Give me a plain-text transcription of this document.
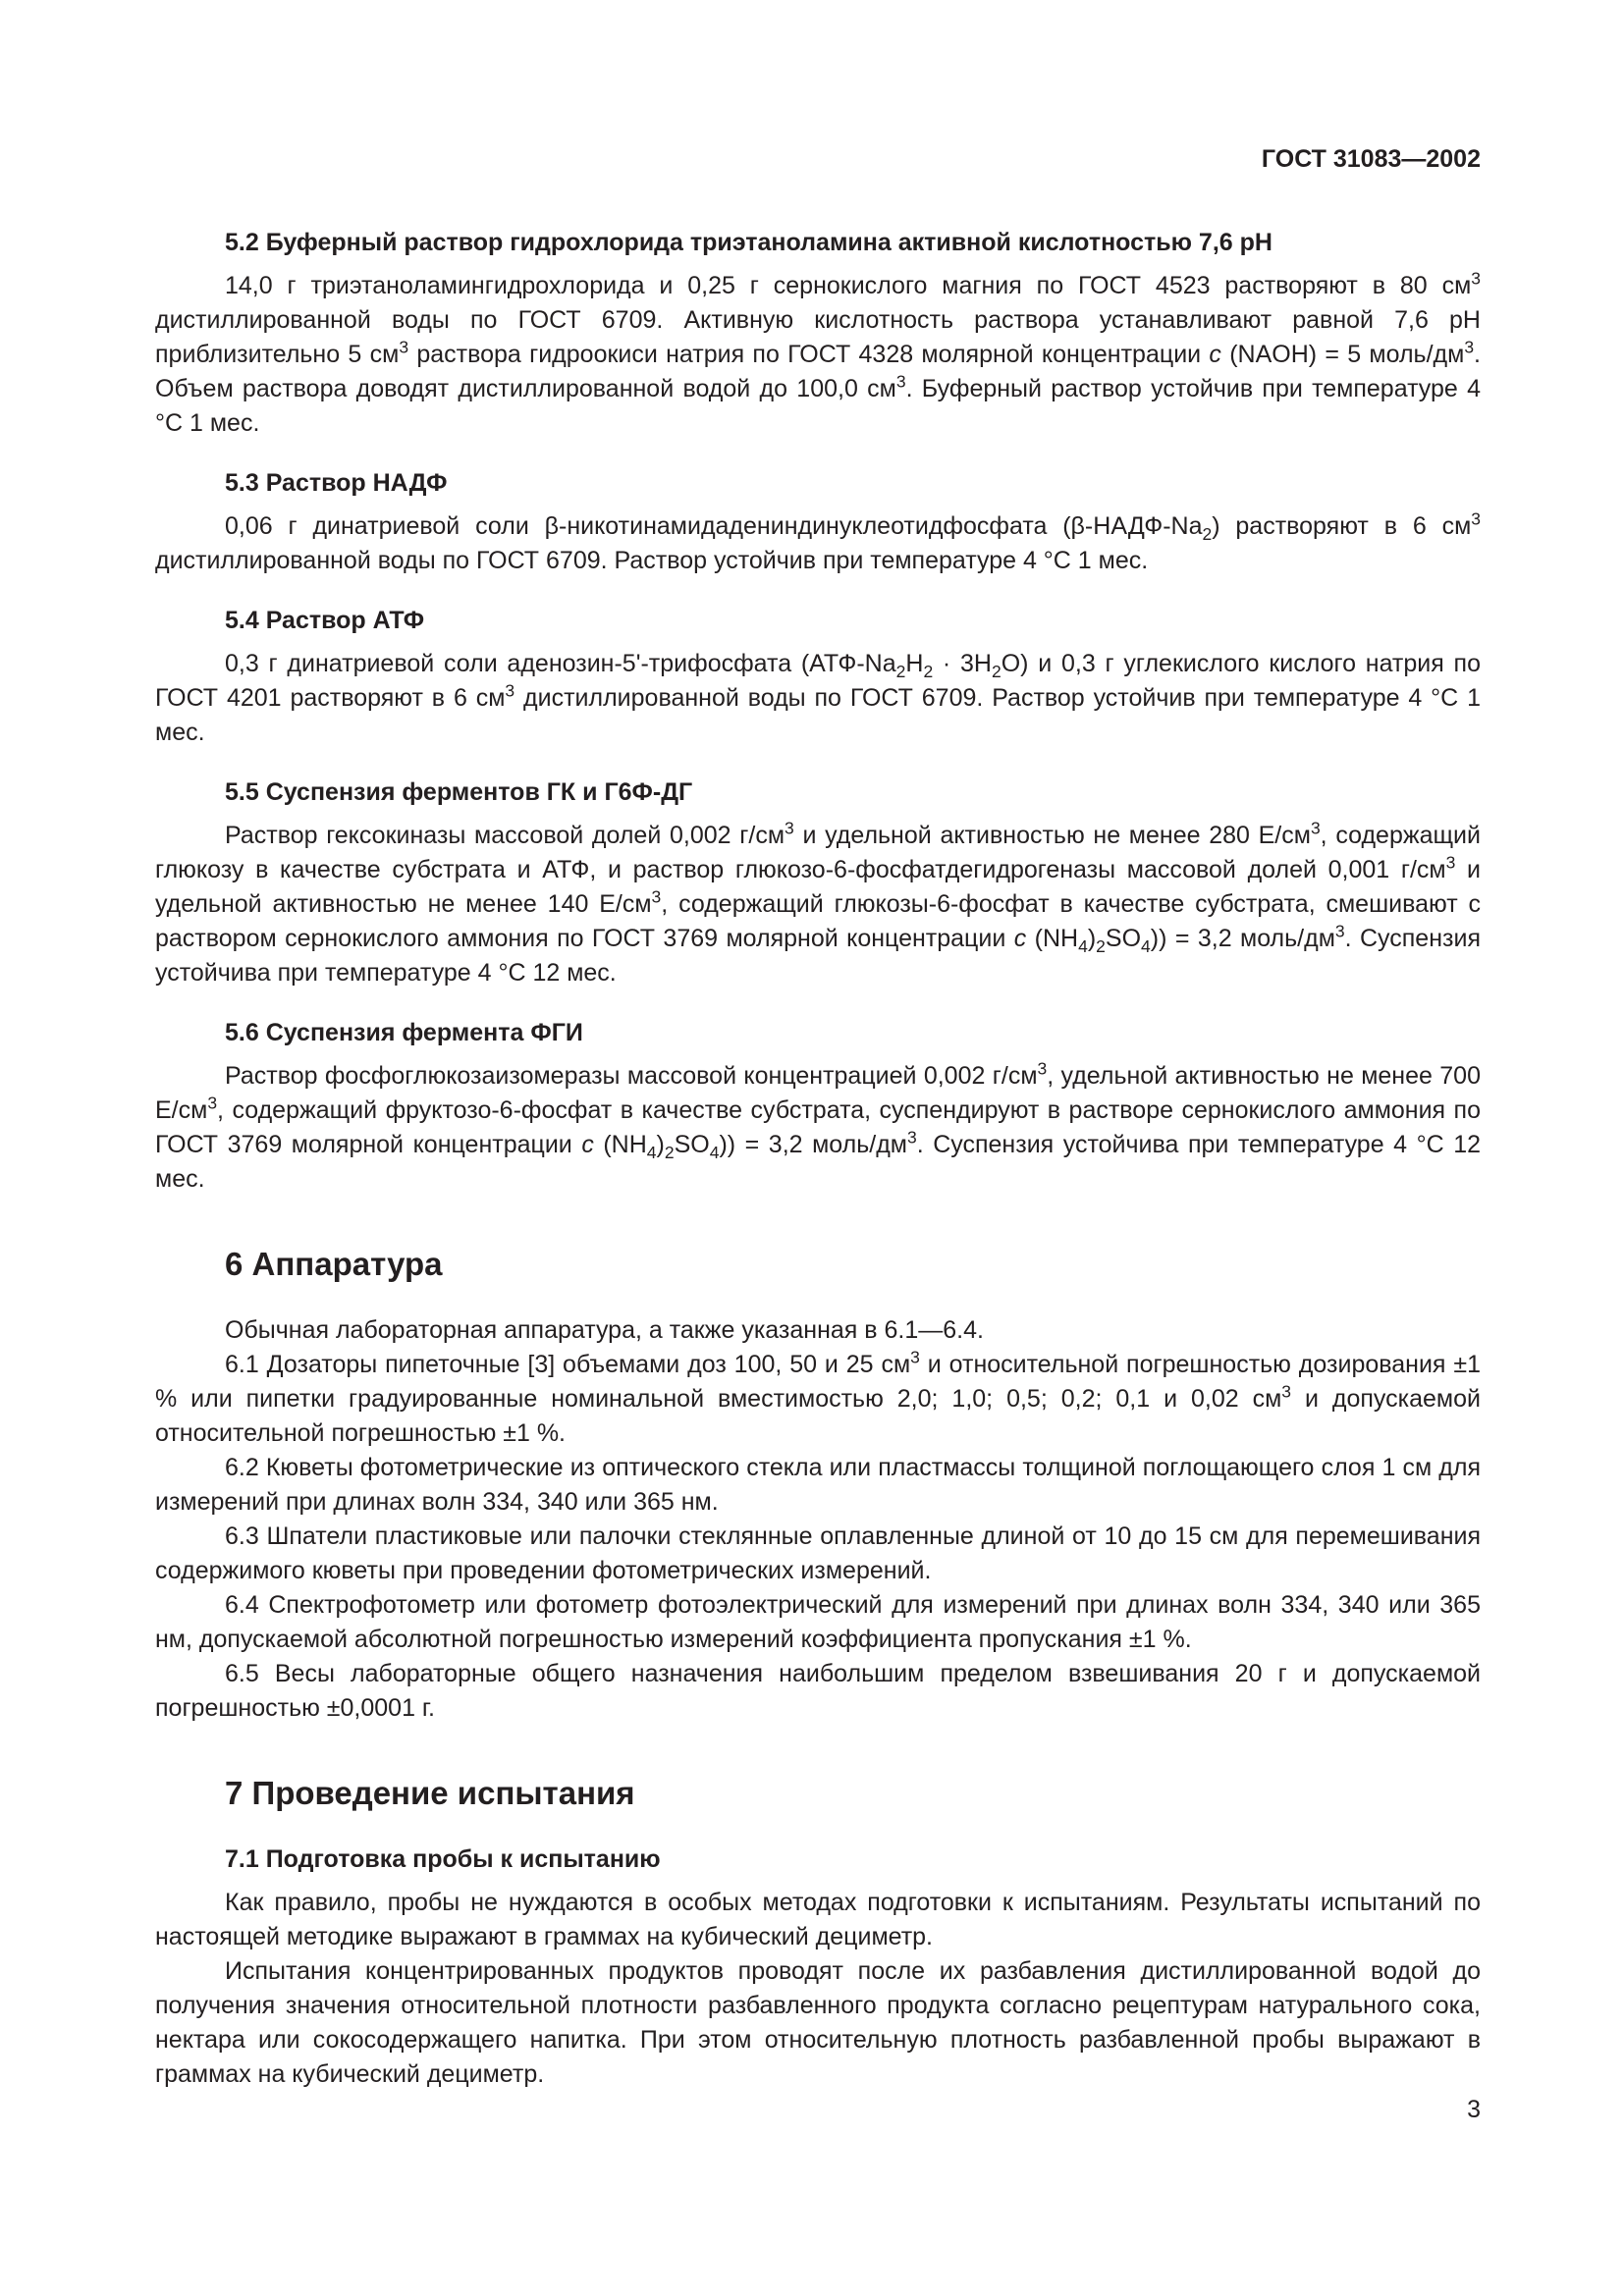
ГОСТ 31083—2002

5.2 Буферный раствор гидрохлорида триэтаноламина активной кислотностью 7,6 pH

14,0 г триэтаноламингидрохлорида и 0,25 г сернокислого магния по ГОСТ 4523 растворяют в 80 $см^3$ дистиллированной воды по ГОСТ 6709. Активную кислотность раствора устанавливают равной 7,6 pH приблизительно 5 $см^3$ раствора гидроокиси натрия по ГОСТ 4328 молярной концентрации c (NAOH) = 5 моль/$дм^3$. Объем раствора доводят дистиллированной водой до 100,0 $см^3$. Буферный раствор устойчив при температуре 4 °С 1 мес.

5.3 Раствор НАДФ

0,06 г динатриевой соли β-никотинамидадениндинуклеотидфосфата $(\beta-НАДФ-Na_2)$ растворяют в 6 $см^3$ дистиллированной воды по ГОСТ 6709. Раствор устойчив при температуре 4 °С 1 мес.

5.4 Раствор АТФ

0,3 г динатриевой соли аденозин-5'-трифосфата $(АТФ-Na_2H_2 \cdot 3H_2O)$ и 0,3 г углекислого кислого натрия по ГОСТ 4201 растворяют в 6 $см^3$ дистиллированной воды по ГОСТ 6709. Раствор устойчив при температуре 4 °С 1 мес.

5.5 Суспензия ферментов ГК и Г6Ф-ДГ

Раствор гексокиназы массовой долей 0,002 $г/см^3$ и удельной активностью не менее 280 $Е/см^3$, содержащий глюкозу в качестве субстрата и АТФ, и раствор глюкозо-6-фосфатдегидрогеназы массовой долей 0,001 $г/см^3$ и удельной активностью не менее 140 $Е/см^3$, содержащий глюкозы-6-фосфат в качестве субстрата, смешивают с раствором сернокислого аммония по ГОСТ 3769 молярной концентрации c $(NH_4)_2SO_4)) = 3,2$ моль/$дм^3$. Суспензия устойчива при температуре 4 °С 12 мес.

5.6 Суспензия фермента ФГИ

Раствор фосфоглюкозаизомеразы массовой концентрацией 0,002 $г/см^3$, удельной активностью не менее 700 $Е/см^3$, содержащий фруктозо-6-фосфат в качестве субстрата, суспендируют в растворе сернокислого аммония по ГОСТ 3769 молярной концентрации c $(NH_4)_2SO_4)) = 3,2$ моль/$дм^3$. Суспензия устойчива при температуре 4 °С 12 мес.

6 Аппаратура

Обычная лабораторная аппаратура, а также указанная в 6.1—6.4.

6.1 Дозаторы пипеточные [3] объемами доз 100, 50 и 25 $см^3$ и относительной погрешностью дозирования ±1 % или пипетки градуированные номинальной вместимостью 2,0; 1,0; 0,5; 0,2; 0,1 и 0,02 $см^3$ и допускаемой относительной погрешностью ±1 %.

6.2 Кюветы фотометрические из оптического стекла или пластмассы толщиной поглощающего слоя 1 см для измерений при длинах волн 334, 340 или 365 нм.

6.3 Шпатели пластиковые или палочки стеклянные оплавленные длиной от 10 до 15 см для перемешивания содержимого кюветы при проведении фотометрических измерений.

6.4 Спектрофотометр или фотометр фотоэлектрический для измерений при длинах волн 334, 340 или 365 нм, допускаемой абсолютной погрешностью измерений коэффициента пропускания ±1 %.

6.5 Весы лабораторные общего назначения наибольшим пределом взвешивания 20 г и допускаемой погрешностью ±0,0001 г.

7 Проведение испытания

7.1 Подготовка пробы к испытанию

Как правило, пробы не нуждаются в особых методах подготовки к испытаниям. Результаты испытаний по настоящей методике выражают в граммах на кубический дециметр.

Испытания концентрированных продуктов проводят после их разбавления дистиллированной водой до получения значения относительной плотности разбавленного продукта согласно рецептурам натурального сока, нектара или сокосодержащего напитка. При этом относительную плотность разбавленной пробы выражают в граммах на кубический дециметр.

3
